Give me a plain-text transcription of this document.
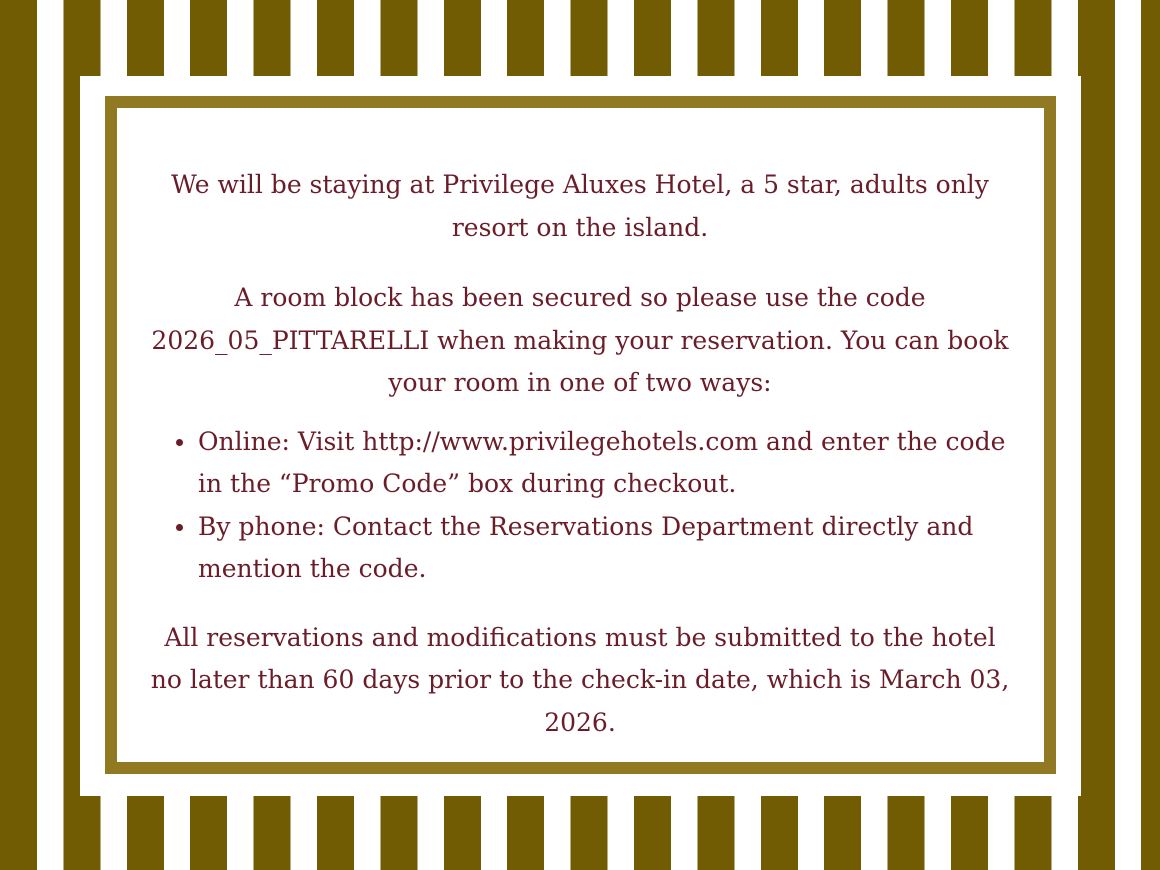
We will be staying at Privilege Aluxes Hotel, a 5 star, adults only resort on the island.

A room block has been secured so please use the code 2026_05_PITTARELLI when making your reservation. You can book your room in one of two ways:

Online: Visit http://www.privilegehotels.com and enter the code in the “Promo Code” box during checkout.
By phone: Contact the Reservations Department directly and mention the code.

All reservations and modifications must be submitted to the hotel no later than 60 days prior to the check-in date, which is March 03, 2026.
